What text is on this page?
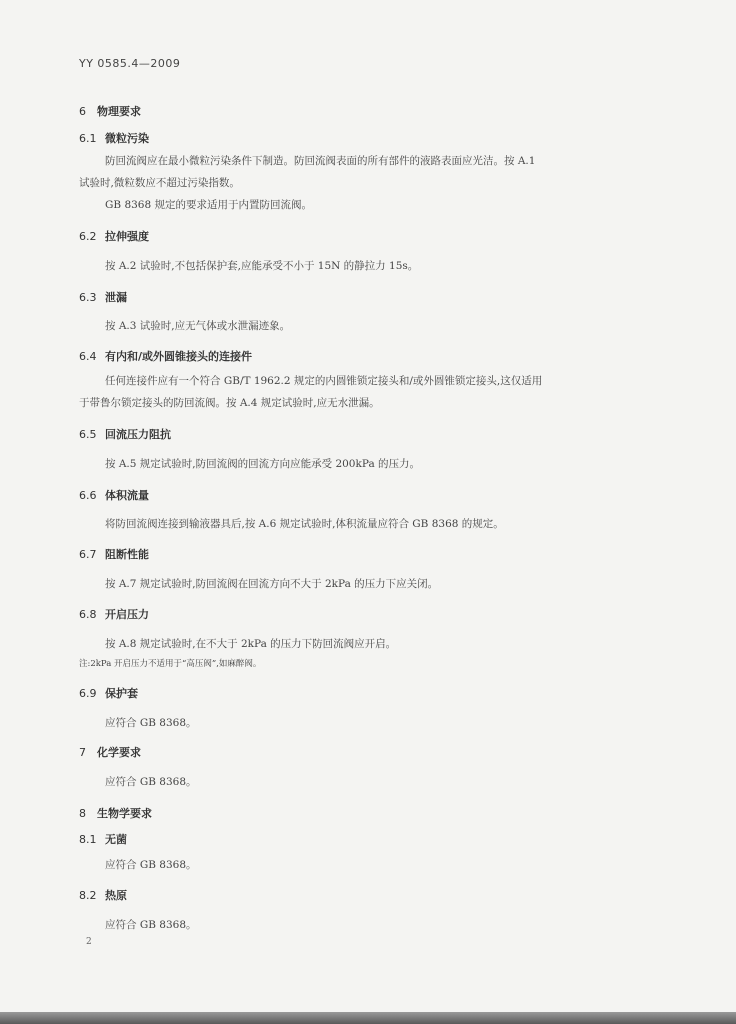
YY 0585.4—2009
6 物理要求
6.1 微粒污染
防回流阀应在最小微粒污染条件下制造。防回流阀表面的所有部件的液路表面应光洁。按 A.1
试验时,微粒数应不超过污染指数。
GB 8368 规定的要求适用于内置防回流阀。
6.2 拉伸强度
按 A.2 试验时,不包括保护套,应能承受不小于 15N 的静拉力 15s。
6.3 泄漏
按 A.3 试验时,应无气体或水泄漏迹象。
6.4 有内和/或外圆锥接头的连接件
任何连接件应有一个符合 GB/T 1962.2 规定的内圆锥锁定接头和/或外圆锥锁定接头,这仅适用
于带鲁尔锁定接头的防回流阀。按 A.4 规定试验时,应无水泄漏。
6.5 回流压力阻抗
按 A.5 规定试验时,防回流阀的回流方向应能承受 200kPa 的压力。
6.6 体积流量
将防回流阀连接到输液器具后,按 A.6 规定试验时,体积流量应符合 GB 8368 的规定。
6.7 阻断性能
按 A.7 规定试验时,防回流阀在回流方向不大于 2kPa 的压力下应关闭。
6.8 开启压力
按 A.8 规定试验时,在不大于 2kPa 的压力下防回流阀应开启。
注:2kPa 开启压力不适用于“高压阀”,如麻醉阀。
6.9 保护套
应符合 GB 8368。
7 化学要求
应符合 GB 8368。
8 生物学要求
8.1 无菌
应符合 GB 8368。
8.2 热原
应符合 GB 8368。
2
